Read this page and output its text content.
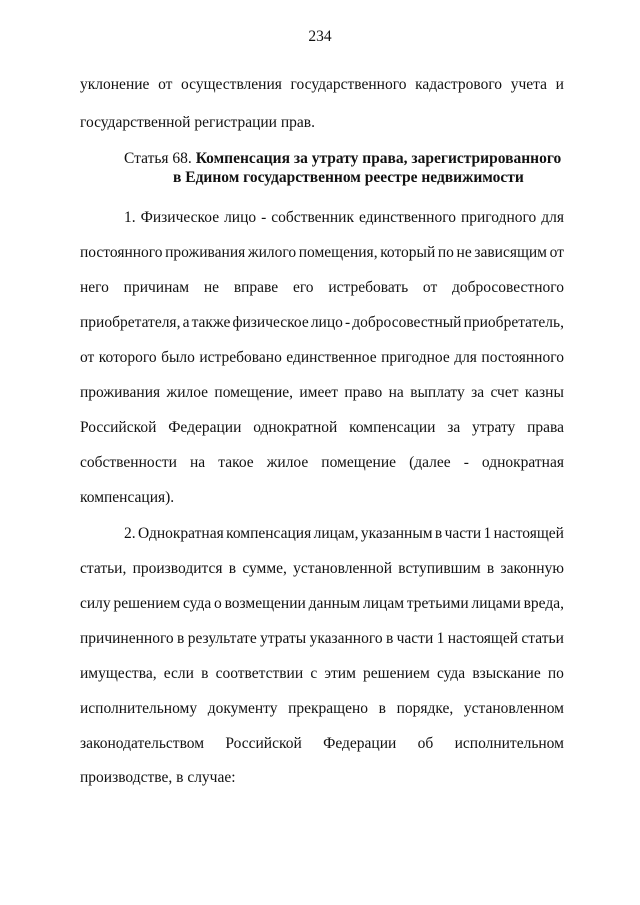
234
уклонение от осуществления государственного кадастрового учета и
государственной регистрации прав.
Статья 68. Компенсация за утрату права, зарегистрированного
в Едином государственном реестре недвижимости
1. Физическое лицо - собственник единственного пригодного для
постоянного проживания жилого помещения, который по не зависящим от
него причинам не вправе его истребовать от добросовестного
приобретателя, а также физическое лицо - добросовестный приобретатель,
от которого было истребовано единственное пригодное для постоянного
проживания жилое помещение, имеет право на выплату за счет казны
Российской Федерации однократной компенсации за утрату права
собственности на такое жилое помещение (далее - однократная
компенсация).
2. Однократная компенсация лицам, указанным в части 1 настоящей
статьи, производится в сумме, установленной вступившим в законную
силу решением суда о возмещении данным лицам третьими лицами вреда,
причиненного в результате утраты указанного в части 1 настоящей статьи
имущества, если в соответствии с этим решением суда взыскание по
исполнительному документу прекращено в порядке, установленном
законодательством Российской Федерации об исполнительном
производстве, в случае:
